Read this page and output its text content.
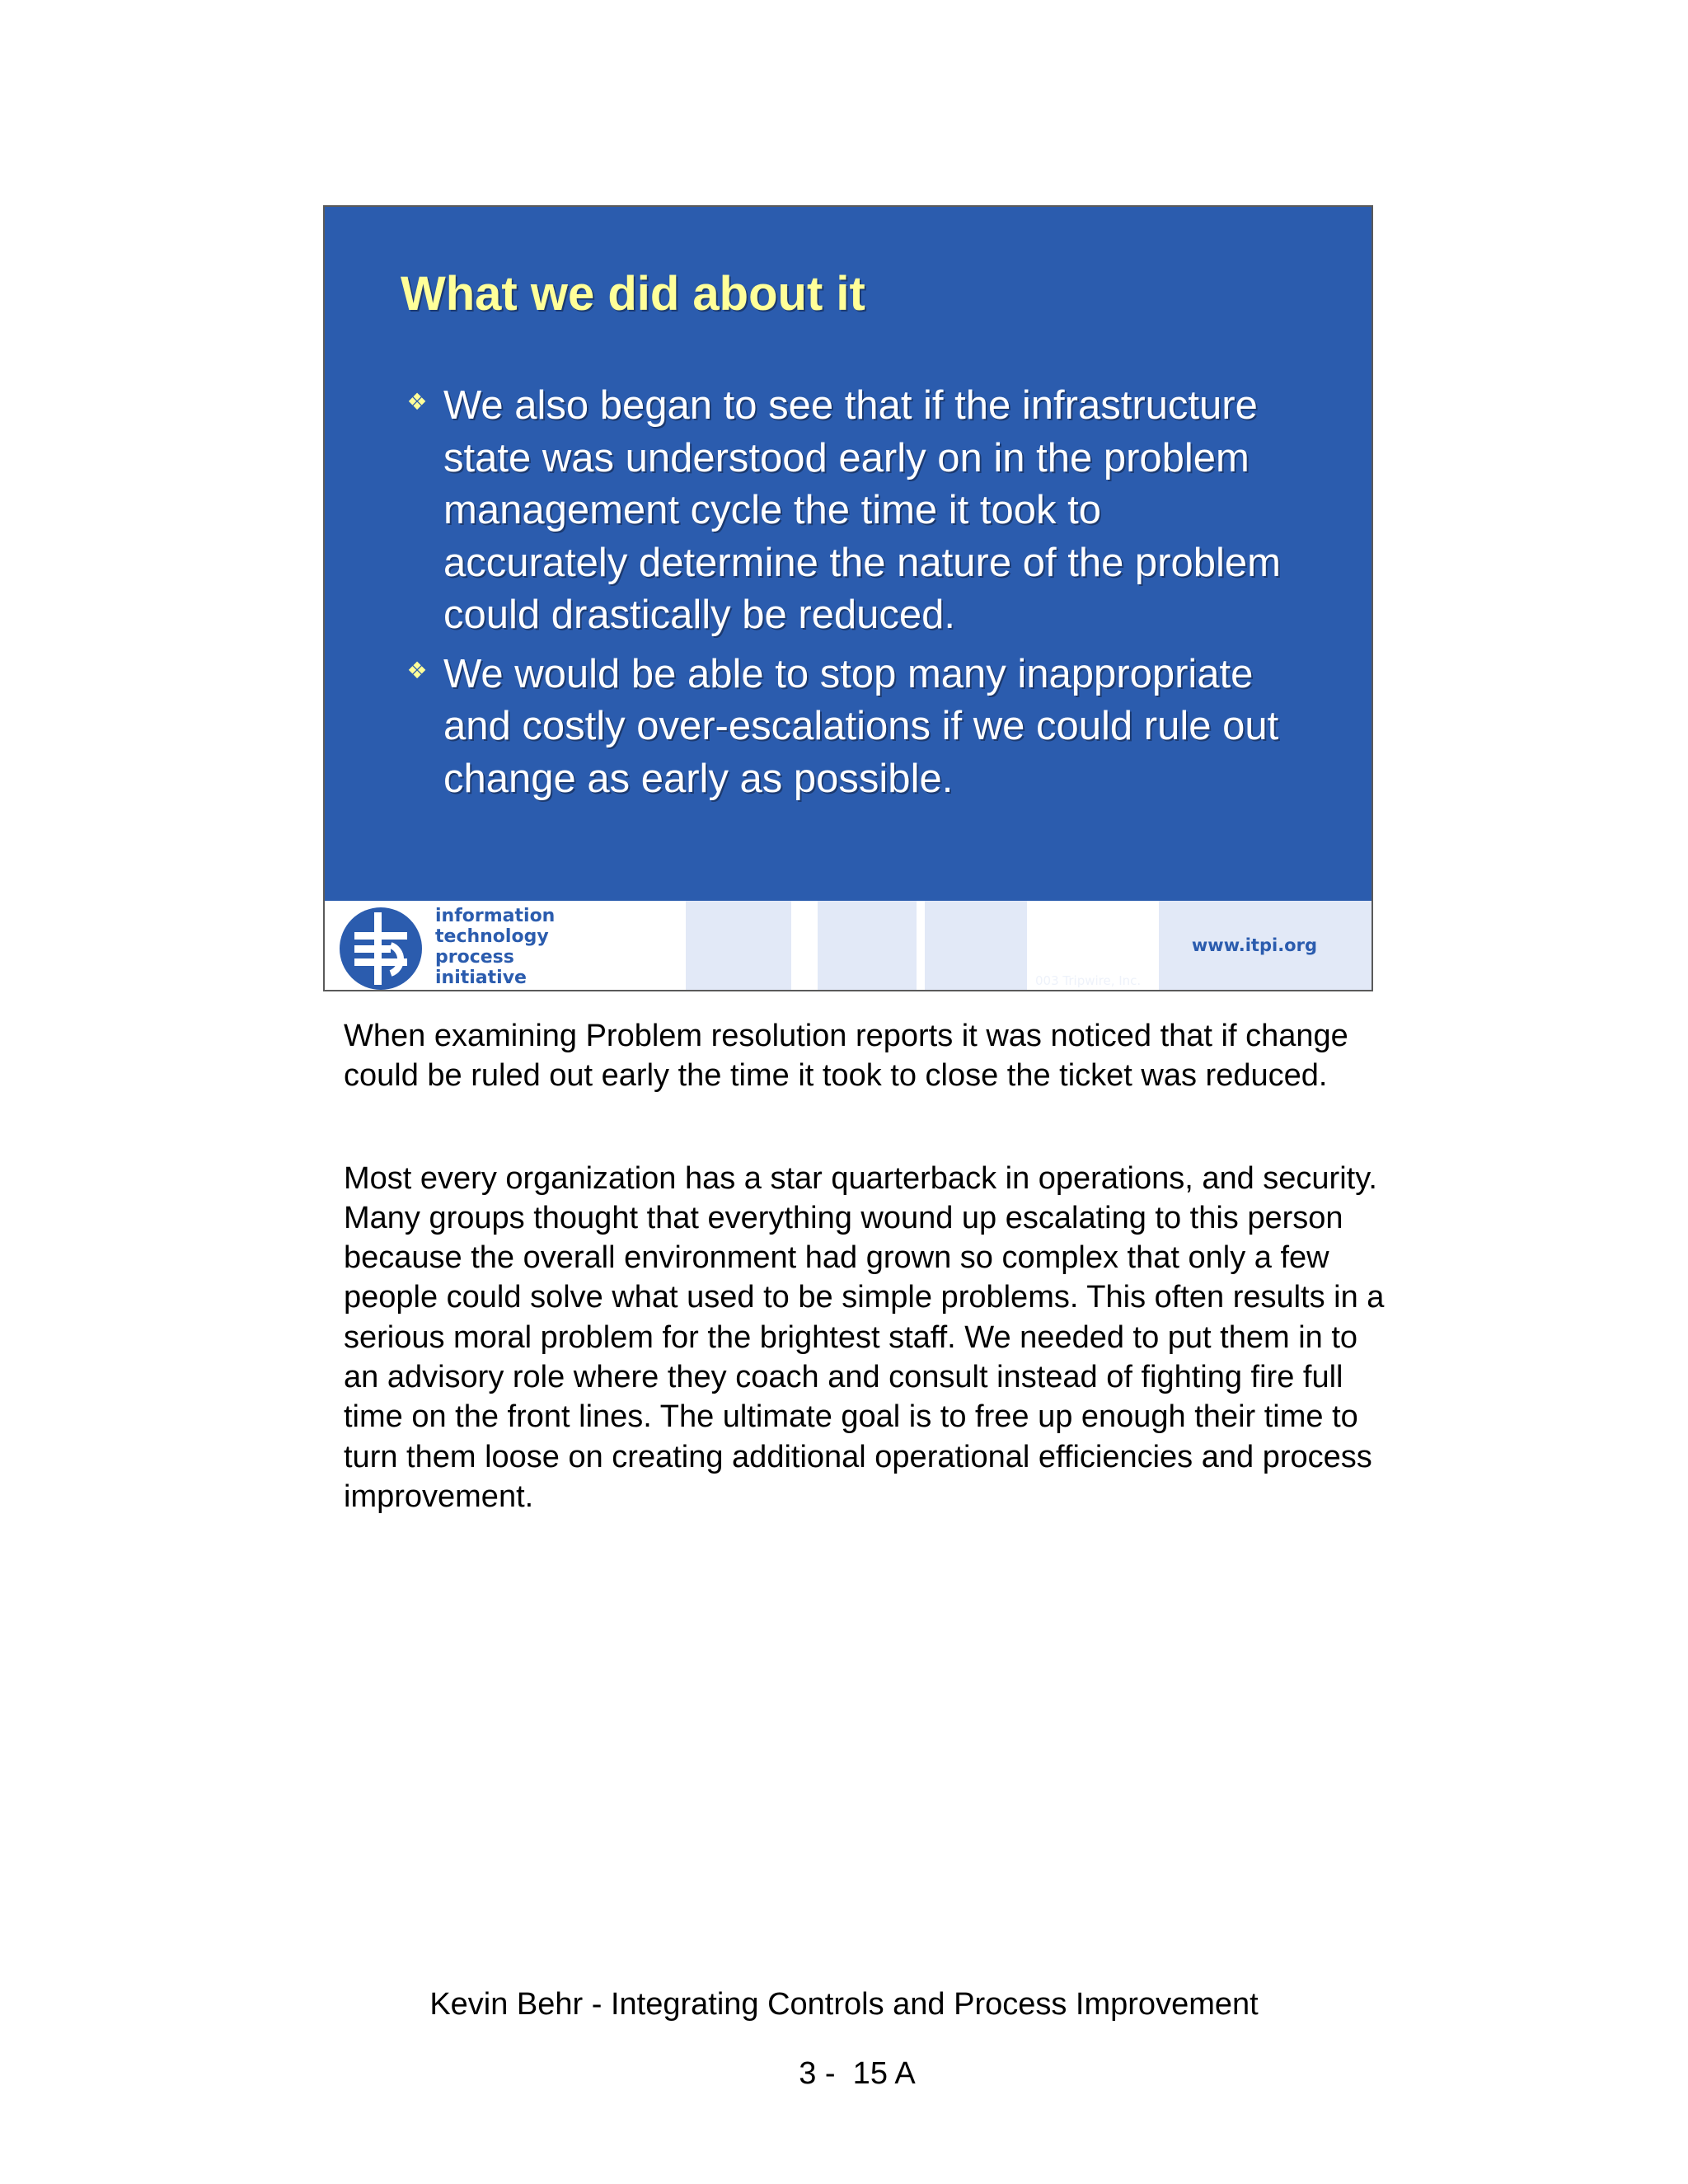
What we did about it
❖ We also began to see that if the infrastructure state was understood early on in the problem management cycle the time it took to accurately determine the nature of the problem could drastically be reduced.
❖ We would be able to stop many inappropriate and costly over-escalations if we could rule out change as early as possible.
information
technology
process
initiative
www.itpi.org
003 Tripwire, Inc.

When examining Problem resolution reports it was noticed that if change could be ruled out early the time it took to close the ticket was reduced.

Most every organization has a star quarterback in operations, and security. Many groups thought that everything wound up escalating to this person because the overall environment had grown so complex that only a few people could solve what used to be simple problems. This often results in a serious moral problem for the brightest staff. We needed to put them in to an advisory role where they coach and consult instead of fighting fire full time on the front lines. The ultimate goal is to free up enough their time to turn them loose on creating additional operational efficiencies and process improvement.

Kevin Behr - Integrating Controls and Process Improvement
3 -  15 A
